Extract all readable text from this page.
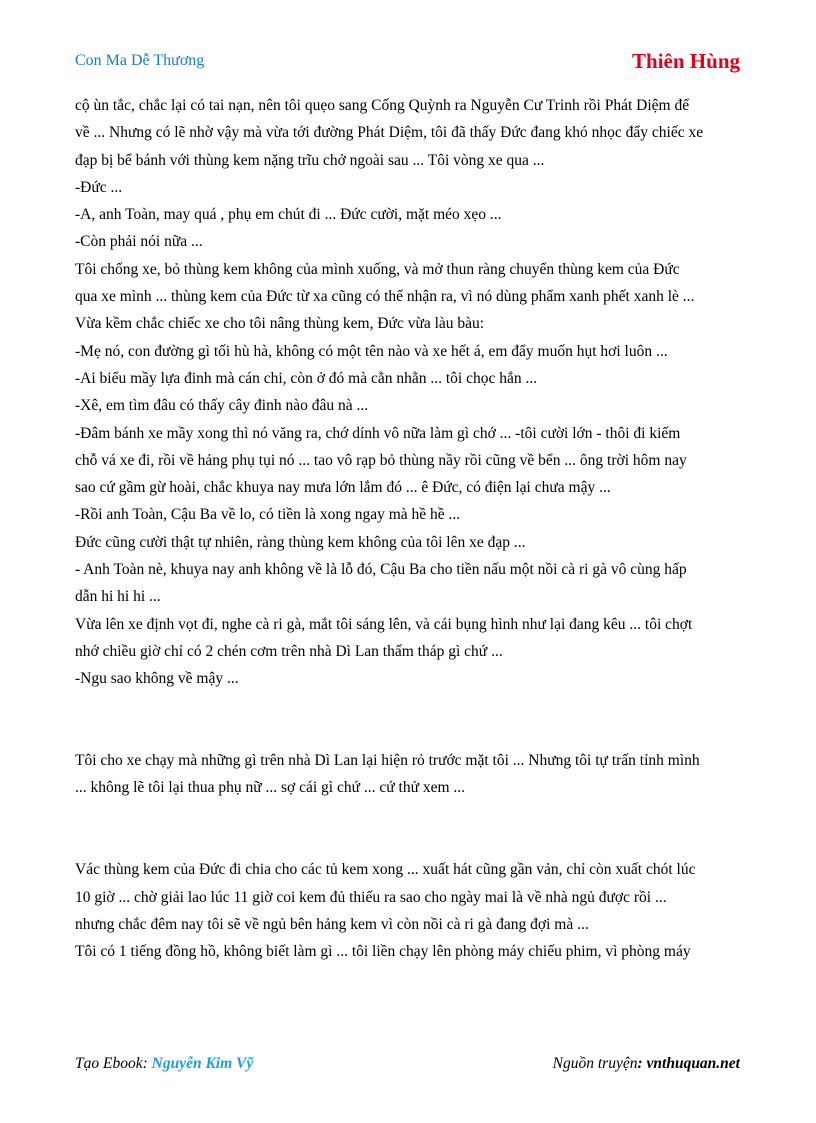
Con Ma Dễ Thương	Thiên Hùng

cộ ùn tắc, chắc lại có tai nạn, nên tôi quẹo sang Cống Quỳnh ra Nguyễn Cư Trinh rồi Phát Diệm để

về ... Nhưng có lẽ nhờ vậy mà vừa tới đường Phát Diệm, tôi đã thấy Đức đang khó nhọc đẩy chiếc xe

đạp bị bể bánh với thùng kem nặng trĩu chở ngoài sau ... Tôi vòng xe qua ...

-Đức ...

-A, anh Toàn, may quá , phụ em chút đi ... Đức cười, mặt méo xẹo ...

-Còn phải nói nữa ...

Tôi chống xe, bỏ thùng kem không của mình xuống, và mở thun ràng chuyển thùng kem của Đức

qua xe mình ... thùng kem của Đức từ xa cũng có thể nhận ra, vì nó dùng phẩm xanh phết xanh lè ...

Vừa kềm chắc chiếc xe cho tôi nâng thùng kem, Đức vừa làu bàu:

-Mẹ nó, con đường gì tối hù hà, không có một tên nào và xe hết á, em đẩy muốn hụt hơi luôn ...

-Ai biểu mầy lựa đinh mà cán chi, còn ở đó mà cằn nhằn ... tôi chọc hắn ...

-Xê, em tìm đâu có thấy cây đinh nào đâu nà ...

-Đâm bánh xe mầy xong thì nó văng ra, chớ dính vô nữa làm gì chớ ... -tôi cười lớn - thôi đi kiếm

chỗ vá xe đi, rồi về hảng phụ tụi nó ... tao vô rạp bỏ thùng nầy rồi cũng về bển ... ông trời hôm nay

sao cứ gầm gừ hoài, chắc khuya nay mưa lớn lắm đó ... ê Đức, có điện lại chưa mậy ...

-Rồi anh Toàn, Cậu Ba về lo, có tiền là xong ngay mà hề hề ...

Đức cũng cười thật tự nhiên, ràng thùng kem không của tôi lên xe đạp ...

- Anh Toàn nè, khuya nay anh không về là lỗ đó, Cậu Ba cho tiền nấu một nồi cà ri gà vô cùng hấp

dẫn hi hi hi ...

Vừa lên xe định vọt đi, nghe cà ri gà, mắt tôi sáng lên, và cái bụng hình như lại đang kêu ... tôi chợt

nhớ chiều giờ chỉ có 2 chén cơm trên nhà Dì Lan thấm tháp gì chứ ...

-Ngu sao không về mậy ...

Tôi cho xe chạy mà những gì trên nhà Dì Lan lại hiện rỏ trước mặt tôi ... Nhưng tôi tự trấn tỉnh mình

... không lẽ tôi lại thua phụ nữ ... sợ cái gì chứ ... cứ thử xem ...

Vác thùng kem của Đức đi chia cho các tủ kem xong ... xuất hát cũng gần vản, chỉ còn xuất chót lúc

10 giờ ... chờ giải lao lúc 11 giờ coi kem đủ thiếu ra sao cho ngày mai là về nhà ngủ được rồi ...

nhưng chắc đêm nay tôi sẽ về ngủ bên hảng kem vì còn nồi cà ri gà đang đợi mà ...

Tôi có 1 tiếng đồng hồ, không biết làm gì ... tôi liền chạy lên phòng máy chiếu phim, vì phòng máy

Tạo Ebook: Nguyễn Kim Vỹ	Nguồn truyện: vnthuquan.net
